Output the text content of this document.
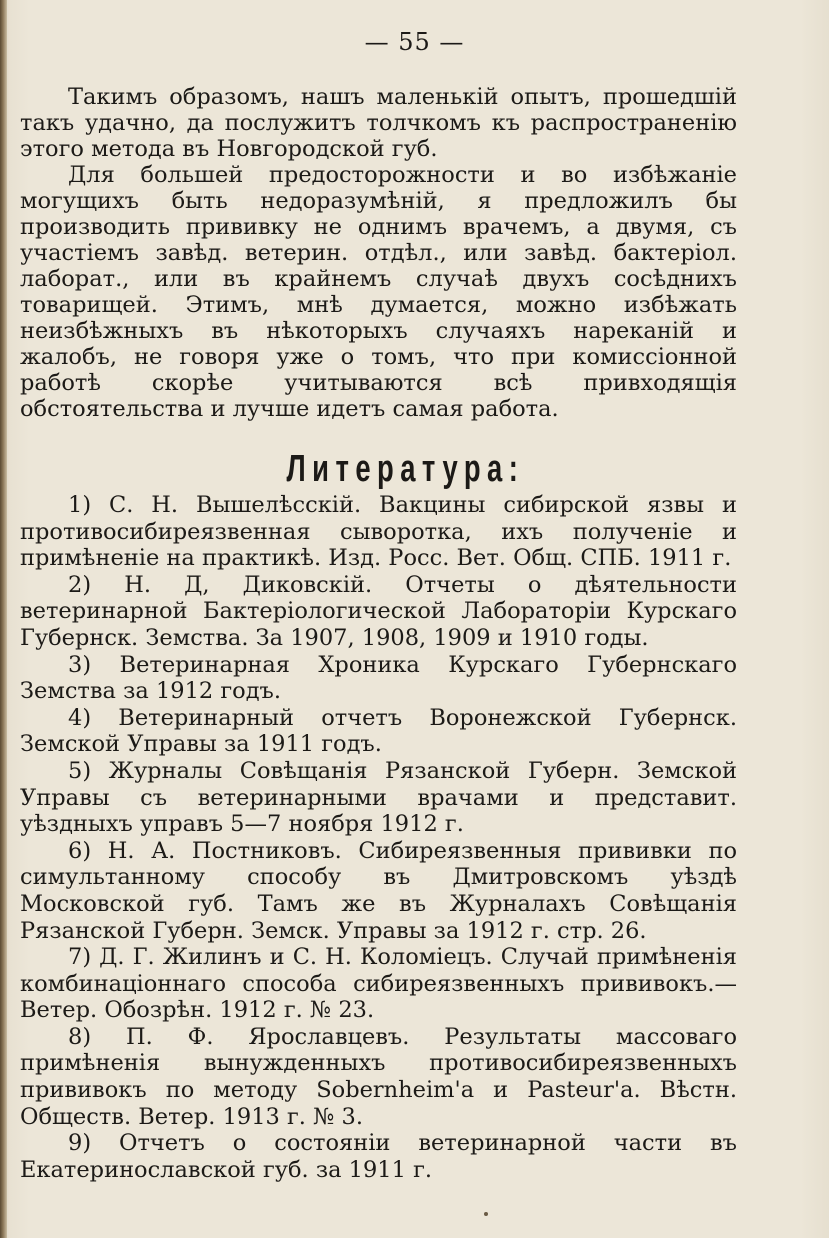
— 55 —

Такимъ образомъ, нашъ маленькій опытъ, прошедшій такъ удачно, да послужитъ толчкомъ къ распространенію этого метода въ Новгородской губ.

Для большей предосторожности и во избѣжаніе могущихъ быть недоразумѣній, я предложилъ бы производить прививку не однимъ врачемъ, а двумя, съ участіемъ завѣд. ветерин. отдѣл., или завѣд. бактеріол. лаборат., или въ крайнемъ случаѣ двухъ сосѣднихъ товарищей. Этимъ, мнѣ думается, можно избѣжать неизбѣжныхъ въ нѣкоторыхъ случаяхъ нареканій и жалобъ, не говоря уже о томъ, что при комиссіонной работѣ скорѣе учитываются всѣ привходящія обстоятельства и лучше идетъ самая работа.

Литература:

1) С. Н. Вышелѣсскій. Вакцины сибирской язвы и противосибиреязвенная сыворотка, ихъ полученіе и примѣненіе на практикѣ. Изд. Росс. Вет. Общ. СПБ. 1911 г.

2) Н. Д, Диковскій. Отчеты о дѣятельности ветеринарной Бактеріологической Лабораторіи Курскаго Губернск. Земства. За 1907, 1908, 1909 и 1910 годы.

3) Ветеринарная Хроника Курскаго Губернскаго Земства за 1912 годъ.

4) Ветеринарный отчетъ Воронежской Губернск. Земской Управы за 1911 годъ.

5) Журналы Совѣщанія Рязанской Губерн. Земской Управы съ ветеринарными врачами и представит. уѣздныхъ управъ 5—7 ноября 1912 г.

6) Н. А. Постниковъ. Сибиреязвенныя прививки по симультанному способу въ Дмитровскомъ уѣздѣ Московской губ. Тамъ же въ Журналахъ Совѣщанія Рязанской Губерн. Земск. Управы за 1912 г. стр. 26.

7) Д. Г. Жилинъ и С. Н. Коломіецъ. Случай примѣненія комбинаціоннаго способа сибиреязвенныхъ прививокъ.—Ветер. Обозрѣн. 1912 г. № 23.

8) П. Ф. Ярославцевъ. Результаты массоваго примѣненія вынужденныхъ противосибиреязвенныхъ прививокъ по методу Sobernheim'a и Pasteur'a. Вѣстн. Обществ. Ветер. 1913 г. № 3.

9) Отчетъ о состояніи ветеринарной части въ Екатеринославской губ. за 1911 г.
